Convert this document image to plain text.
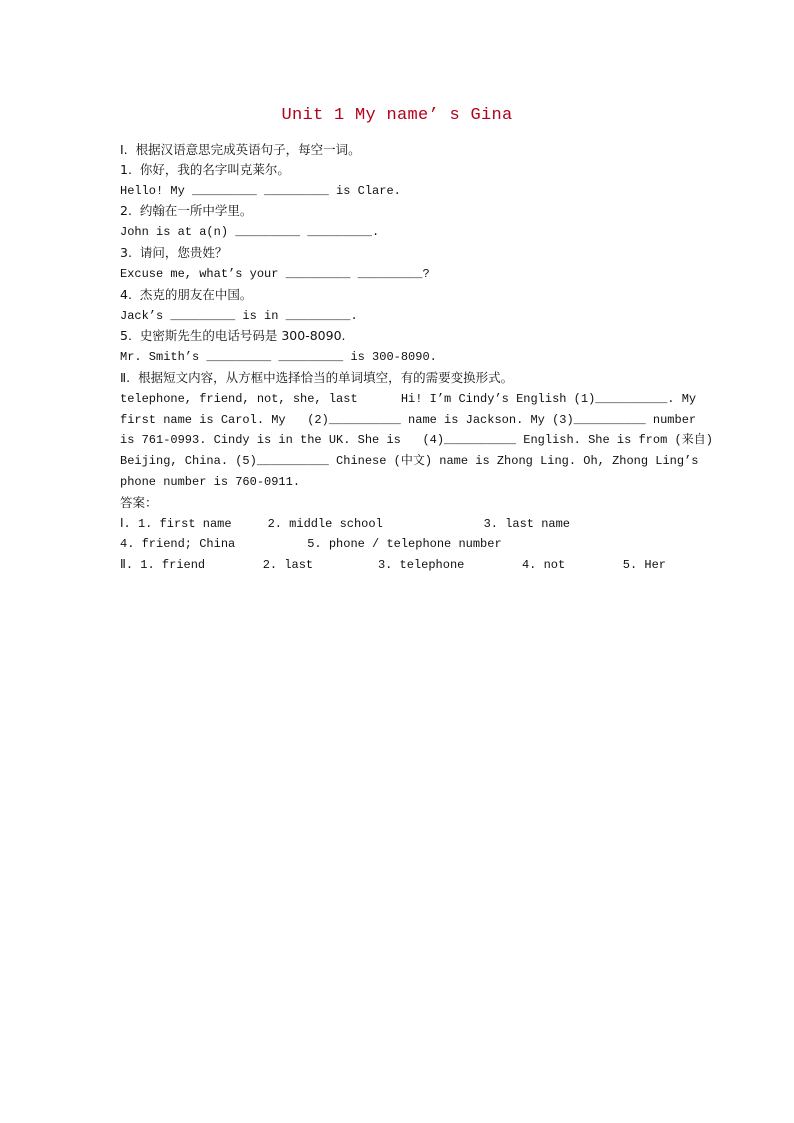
Unit 1 My name’ s Gina
Ⅰ.  根据汉语意思完成英语句子，每空一词。
1.  你好，我的名字叫克莱尔。
Hello! My _________ _________ is Clare.
2.  约翰在一所中学里。
John is at a(n) _________ _________.
3.  请问，您贵姓？
Excuse me, what’s your _________ _________?
4.  杰克的朋友在中国。
Jack’s _________ is in _________.
5.  史密斯先生的电话号码是 300-8090.
Mr. Smith’s _________ _________ is 300-8090.
Ⅱ.  根据短文内容，从方框中选择恰当的单词填空，有的需要变换形式。
telephone, friend, not, she, last      Hi! I’m Cindy’s English (1)__________. My
first name is Carol. My   (2)__________ name is Jackson. My (3)__________ number
is 761-0993. Cindy is in the UK. She is   (4)__________ English. She is from (来自)
Beijing, China. (5)__________ Chinese (中文) name is Zhong Ling. Oh, Zhong Ling’s
phone number is 760-0911.
答案：
Ⅰ. 1. first name     2. middle school              3. last name
4. friend; China          5. phone / telephone number
Ⅱ. 1. friend        2. last         3. telephone        4. not        5. Her
